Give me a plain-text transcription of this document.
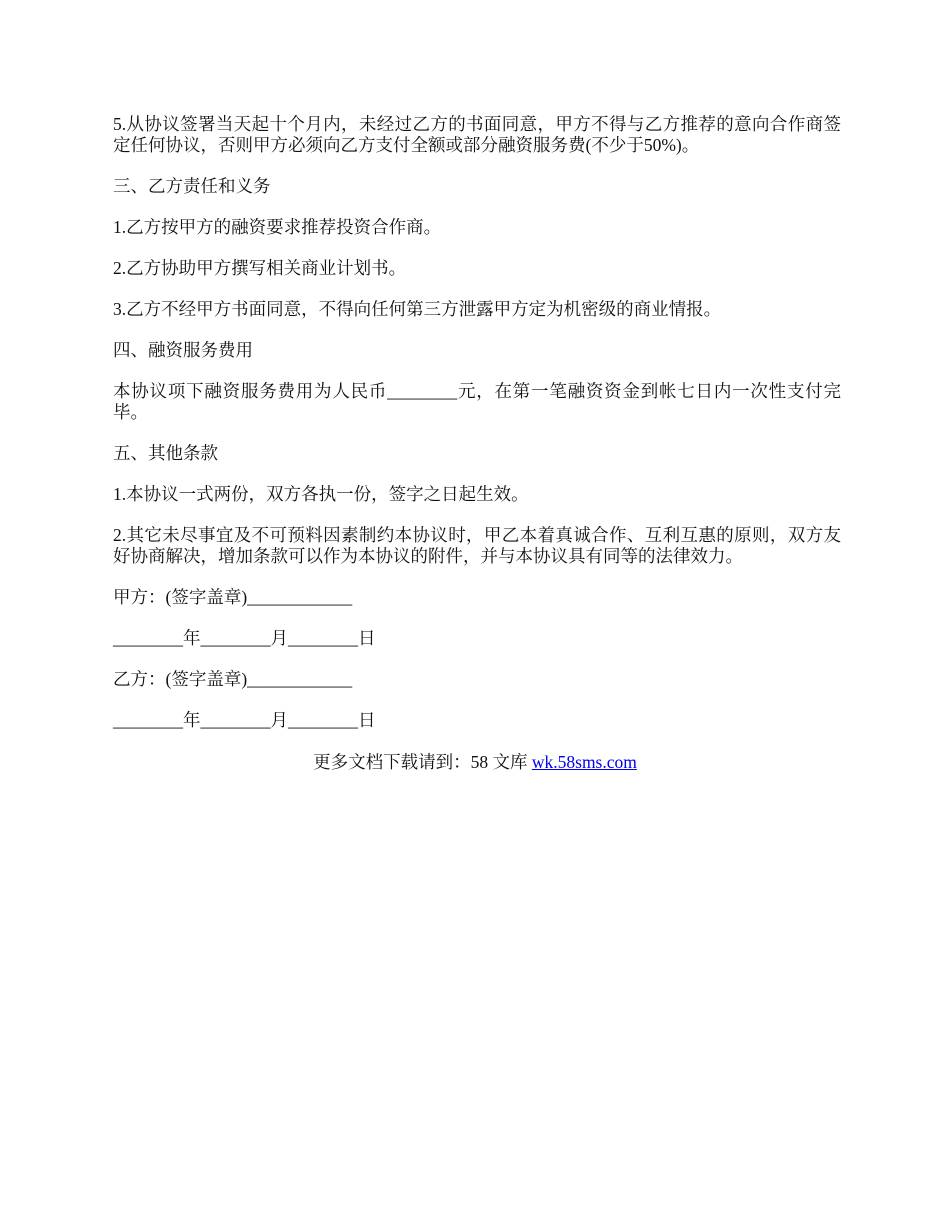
5.从协议签署当天起十个月内，未经过乙方的书面同意，甲方不得与乙方推荐的意向合作商签定任何协议，否则甲方必须向乙方支付全额或部分融资服务费(不少于50%)。

三、乙方责任和义务

1.乙方按甲方的融资要求推荐投资合作商。

2.乙方协助甲方撰写相关商业计划书。

3.乙方不经甲方书面同意，不得向任何第三方泄露甲方定为机密级的商业情报。

四、融资服务费用

本协议项下融资服务费用为人民币________元，在第一笔融资资金到帐七日内一次性支付完毕。

五、其他条款

1.本协议一式两份，双方各执一份，签字之日起生效。

2.其它未尽事宜及不可预料因素制约本协议时，甲乙本着真诚合作、互利互惠的原则，双方友好协商解决，增加条款可以作为本协议的附件，并与本协议具有同等的法律效力。

甲方：(签字盖章)____________

________年________月________日

乙方：(签字盖章)____________

________年________月________日

更多文档下载请到：58 文库 wk.58sms.com
